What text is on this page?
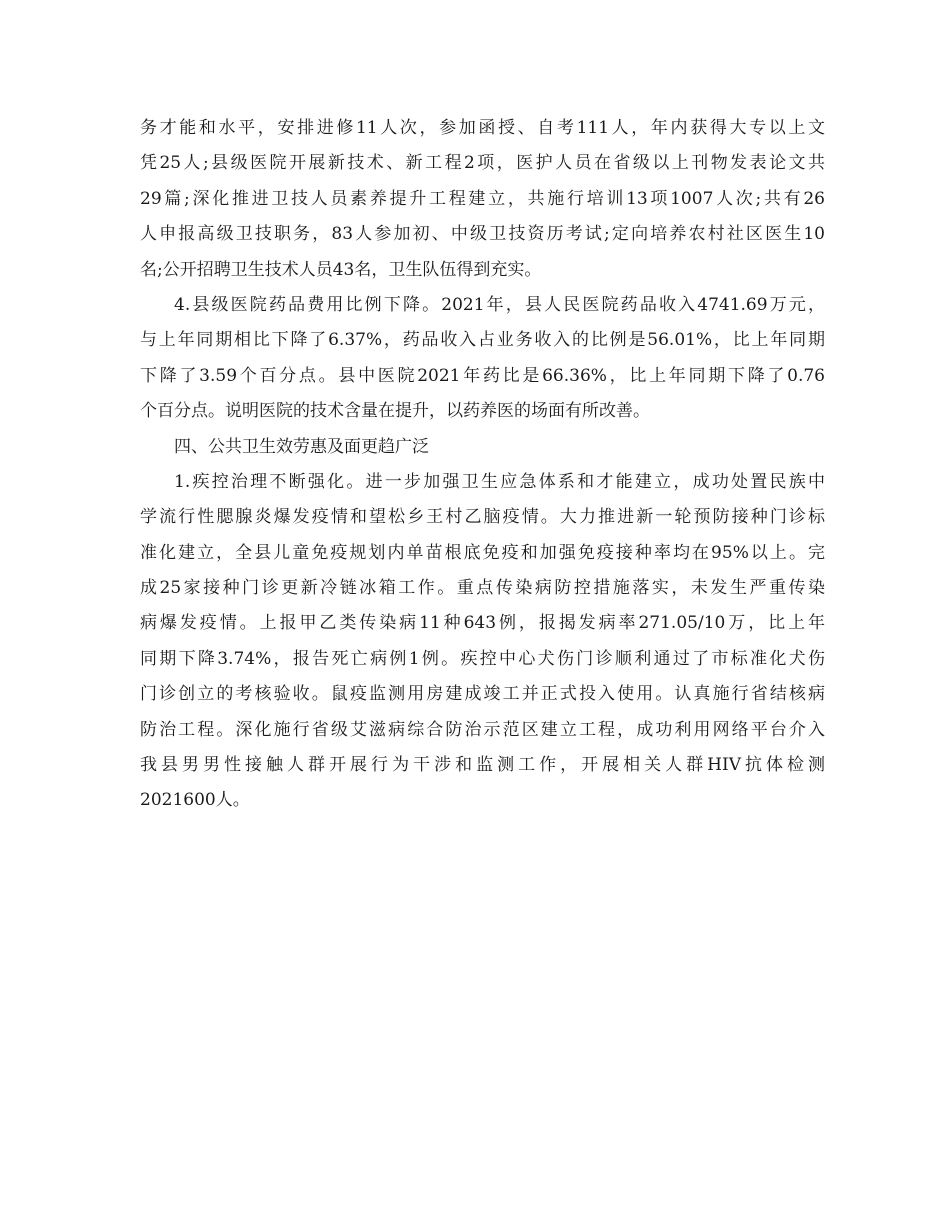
务才能和水平，安排进修11人次，参加函授、自考111人，年内获得大专以上文
凭25人;县级医院开展新技术、新工程2项，医护人员在省级以上刊物发表论文共
29篇;深化推进卫技人员素养提升工程建立，共施行培训13项1007人次;共有26
人申报高级卫技职务，83人参加初、中级卫技资历考试;定向培养农村社区医生10
名;公开招聘卫生技术人员43名，卫生队伍得到充实。
4.县级医院药品费用比例下降。2021年，县人民医院药品收入4741.69万元，
与上年同期相比下降了6.37%，药品收入占业务收入的比例是56.01%，比上年同期
下降了3.59个百分点。县中医院2021年药比是66.36%，比上年同期下降了0.76
个百分点。说明医院的技术含量在提升，以药养医的场面有所改善。
四、公共卫生效劳惠及面更趋广泛
1.疾控治理不断强化。进一步加强卫生应急体系和才能建立，成功处置民族中
学流行性腮腺炎爆发疫情和望松乡王村乙脑疫情。大力推进新一轮预防接种门诊标
准化建立，全县儿童免疫规划内单苗根底免疫和加强免疫接种率均在95%以上。完
成25家接种门诊更新冷链冰箱工作。重点传染病防控措施落实，未发生严重传染
病爆发疫情。上报甲乙类传染病11种643例，报揭发病率271.05/10万，比上年
同期下降3.74%，报告死亡病例1例。疾控中心犬伤门诊顺利通过了市标准化犬伤
门诊创立的考核验收。鼠疫监测用房建成竣工并正式投入使用。认真施行省结核病
防治工程。深化施行省级艾滋病综合防治示范区建立工程，成功利用网络平台介入
我县男男性接触人群开展行为干涉和监测工作，开展相关人群HIV抗体检测
2021600人。
